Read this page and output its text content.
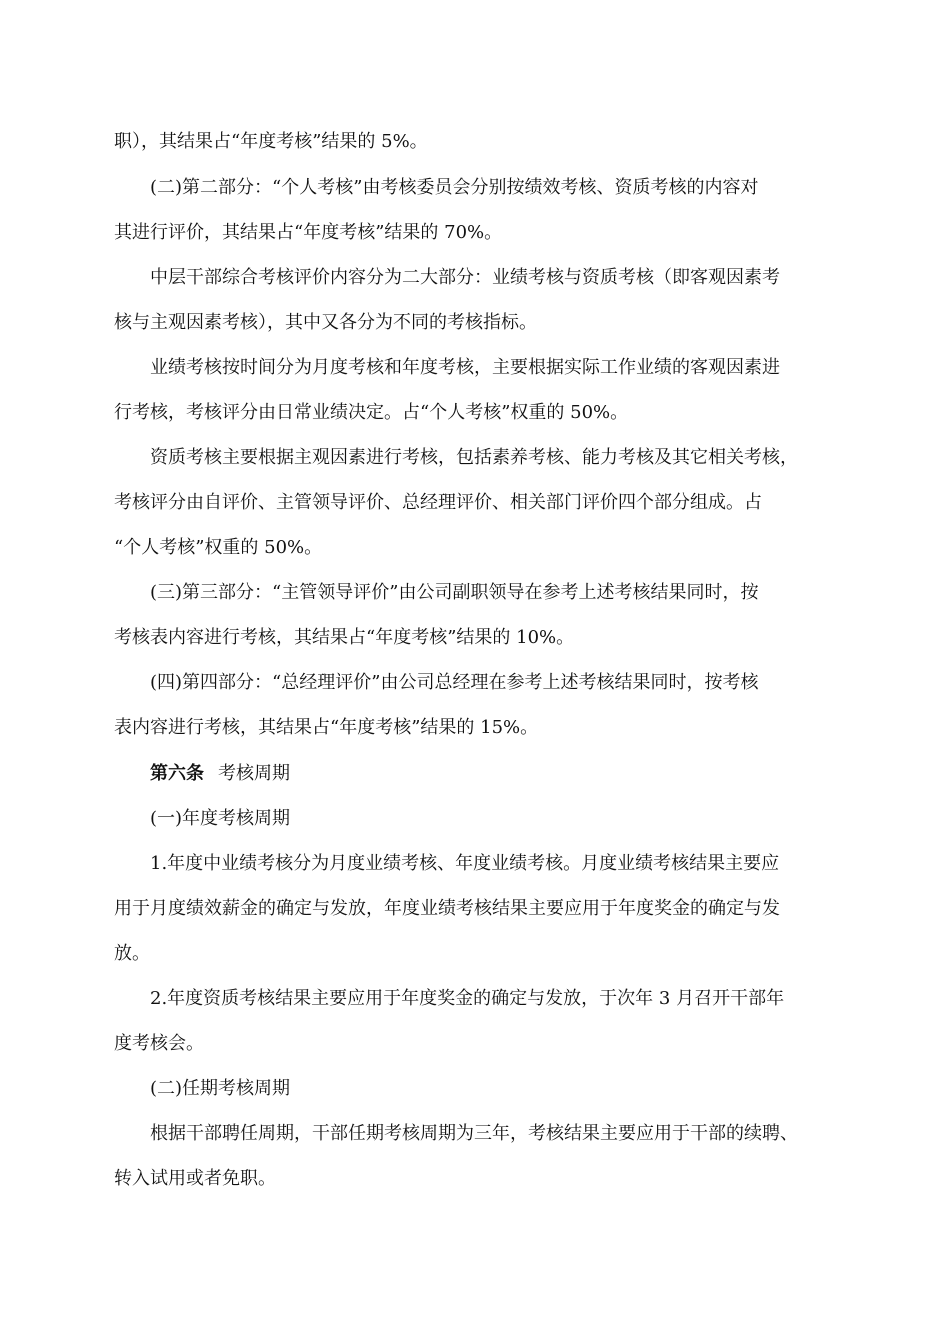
职），其结果占“年度考核”结果的 5%。
(二)第二部分：“个人考核”由考核委员会分别按绩效考核、资质考核的内容对
其进行评价，其结果占“年度考核”结果的 70%。
中层干部综合考核评价内容分为二大部分：业绩考核与资质考核（即客观因素考
核与主观因素考核），其中又各分为不同的考核指标。
业绩考核按时间分为月度考核和年度考核，主要根据实际工作业绩的客观因素进
行考核，考核评分由日常业绩决定。占“个人考核”权重的 50%。
资质考核主要根据主观因素进行考核，包括素养考核、能力考核及其它相关考核，
考核评分由自评价、主管领导评价、总经理评价、相关部门评价四个部分组成。占
“个人考核”权重的 50%。
(三)第三部分：“主管领导评价”由公司副职领导在参考上述考核结果同时，按
考核表内容进行考核，其结果占“年度考核”结果的 10%。
(四)第四部分：“总经理评价”由公司总经理在参考上述考核结果同时，按考核
表内容进行考核，其结果占“年度考核”结果的 15%。
第六条 考核周期
(一)年度考核周期
1.年度中业绩考核分为月度业绩考核、年度业绩考核。月度业绩考核结果主要应
用于月度绩效薪金的确定与发放，年度业绩考核结果主要应用于年度奖金的确定与发
放。
2.年度资质考核结果主要应用于年度奖金的确定与发放，于次年 3 月召开干部年
度考核会。
(二)任期考核周期
根据干部聘任周期，干部任期考核周期为三年，考核结果主要应用于干部的续聘、
转入试用或者免职。
